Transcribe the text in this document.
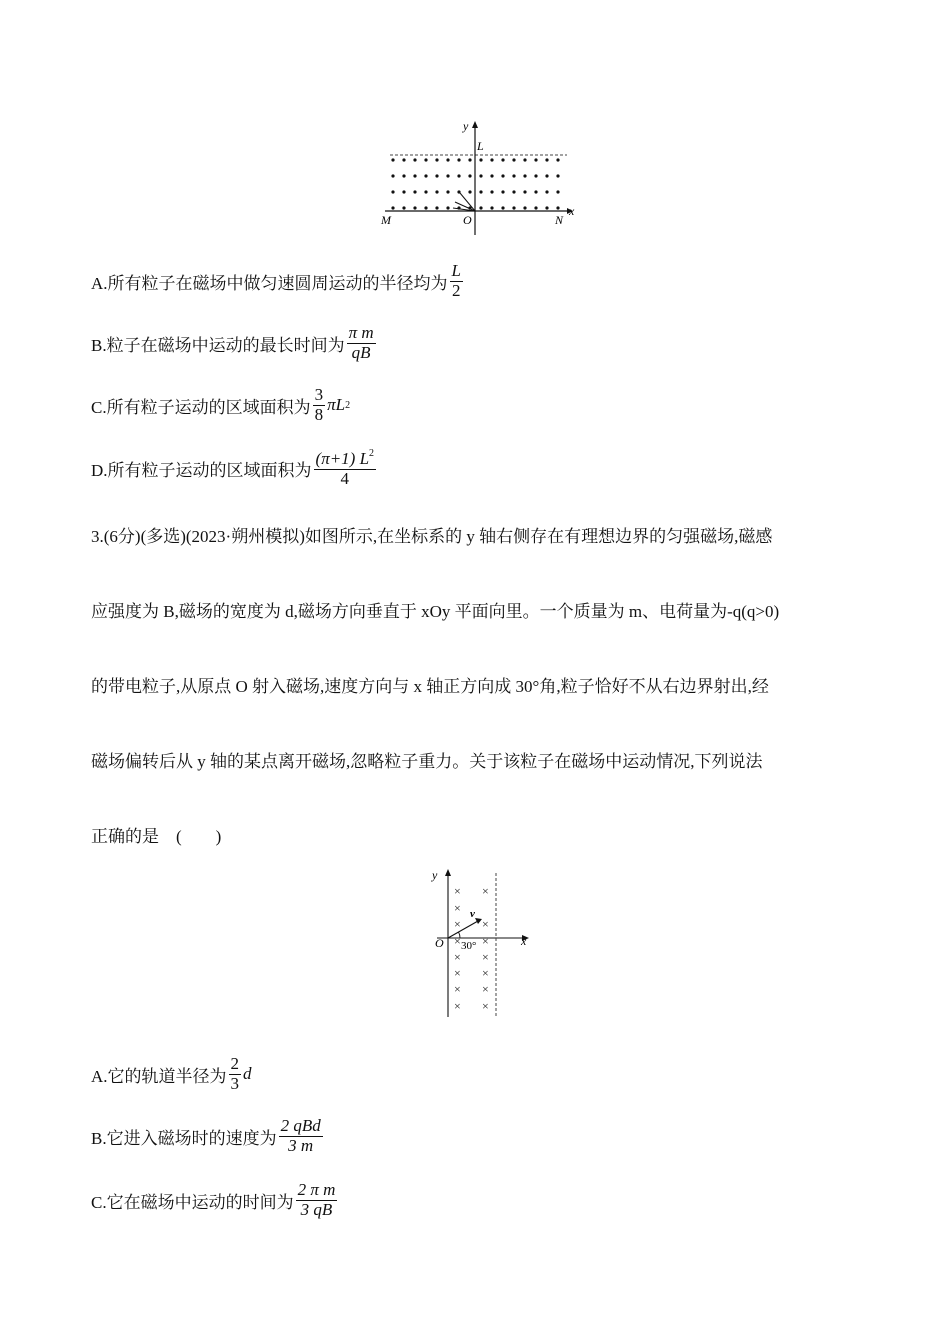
y
L
x
M	O	N
A.所有粒子在磁场中做匀速圆周运动的半径均为 $\frac{L}{2}$
B.粒子在磁场中运动的最长时间为 $\frac{\text{π m}}{qB}$
C.所有粒子运动的区域面积为 $\frac{3}{8}$ πL 2
D.所有粒子运动的区域面积为 $\frac{(\pi+1) L^2}{4}$
3.(6分)(多选)(2023·朔州模拟)如图所示,在坐标系的 y 轴右侧存在有理想边界的匀强磁场,磁感
应强度为 B,磁场的宽度为 d,磁场方向垂直于 xOy 平面向里。一个质量为 m、电荷量为-q(q>0)
的带电粒子,从原点 O 射入磁场,速度方向与 x 轴正方向成 30°角,粒子恰好不从右边界射出,经
磁场偏转后从 y 轴的某点离开磁场,忽略粒子重力。关于该粒子在磁场中运动情况,下列说法
正确的是　(　　)
×
×
×
×
×
×
×
×
×
×
×
×
×
×
×
y
x
O
v
30°
A.它的轨道半径为 $\frac{2}{3}$ d
B.它进入磁场时的速度为 $\frac{\text{2 qBd}}{3 m}$
C.它在磁场中运动的时间为 $\frac{\text{2 π m}}{3 qB}$
